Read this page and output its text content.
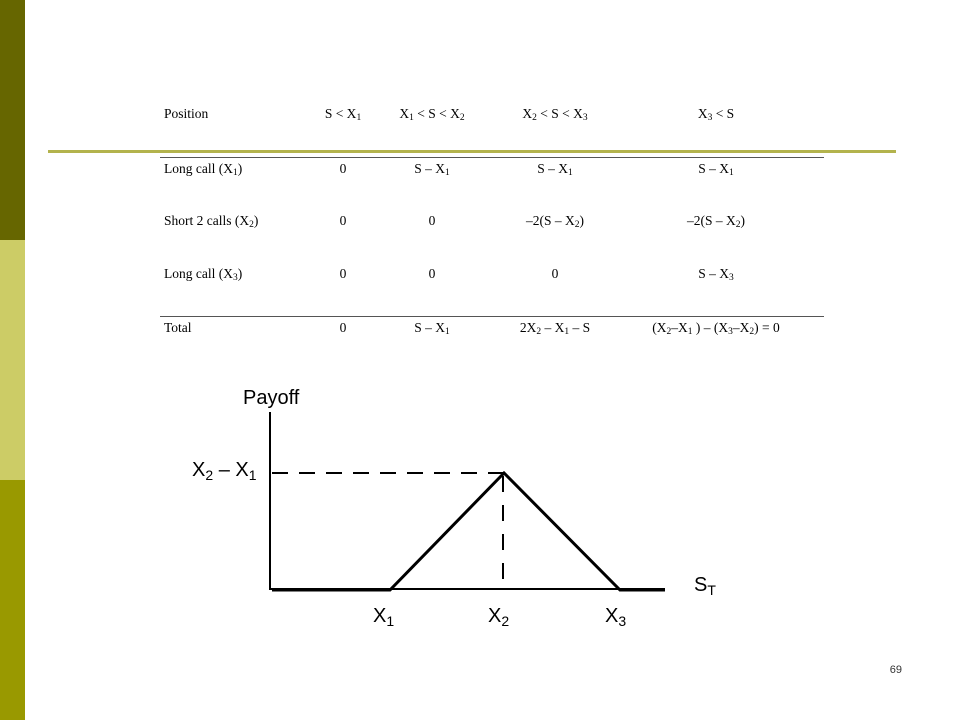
Position	$S < X_1$	$X_1 < S < X_2$	$X_2 < S < X_3$	$X_3 < S$
Long call $(X_1)$	0	S – $X_1$	S – $X_1$	S – $X_1$
Short 2 calls $(X_2)$	0	0	$-2(S - X_2)$	$-2(S - X_2)$
Long call $(X_3)$	0	0	0	S – $X_3$
Total	0	S – $X_1$	$2X_2 - X_1$ – S	($X_2-X_1$ ) – $(X_3-X_2) = 0$
Payoff
$X_2 - X_1$
$S_T$
$X_1$	$X_2$	$X_3$
69
